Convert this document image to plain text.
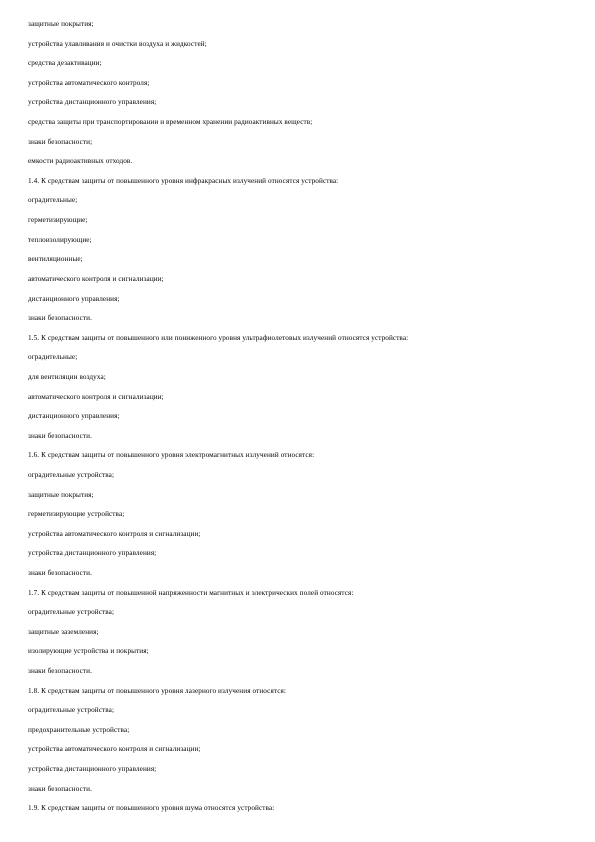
защитные покрытия;
устройства улавливания и очистки воздуха и жидкостей;
средства дезактивации;
устройства автоматического контроля;
устройства дистанционного управления;
средства защиты при транспортировании и временном хранении радиоактивных веществ;
знаки безопасности;
емкости радиоактивных отходов.
1.4. К средствам защиты от повышенного уровня инфракрасных излучений относятся устройства:
оградительные;
герметизирующие;
теплоизолирующие;
вентиляционные;
автоматического контроля и сигнализации;
дистанционного управления;
знаки безопасности.
1.5. К средствам защиты от повышенного или пониженного уровня ультрафиолетовых излучений относятся устройства:
оградительные;
для вентиляции воздуха;
автоматического контроля и сигнализации;
дистанционного управления;
знаки безопасности.
1.6. К средствам защиты от повышенного уровня электромагнитных излучений относятся:
оградительные устройства;
защитные покрытия;
герметизирующие устройства;
устройства автоматического контроля и сигнализации;
устройства дистанционного управления;
знаки безопасности.
1.7. К средствам защиты от повышенной напряженности магнитных и электрических полей относятся:
оградительные устройства;
защитные заземления;
изолирующие устройства и покрытия;
знаки безопасности.
1.8. К средствам защиты от повышенного уровня лазерного излучения относятся:
оградительные устройства;
предохранительные устройства;
устройства автоматического контроля и сигнализации;
устройства дистанционного управления;
знаки безопасности.
1.9. К средствам защиты от повышенного уровня шума относятся устройства:
